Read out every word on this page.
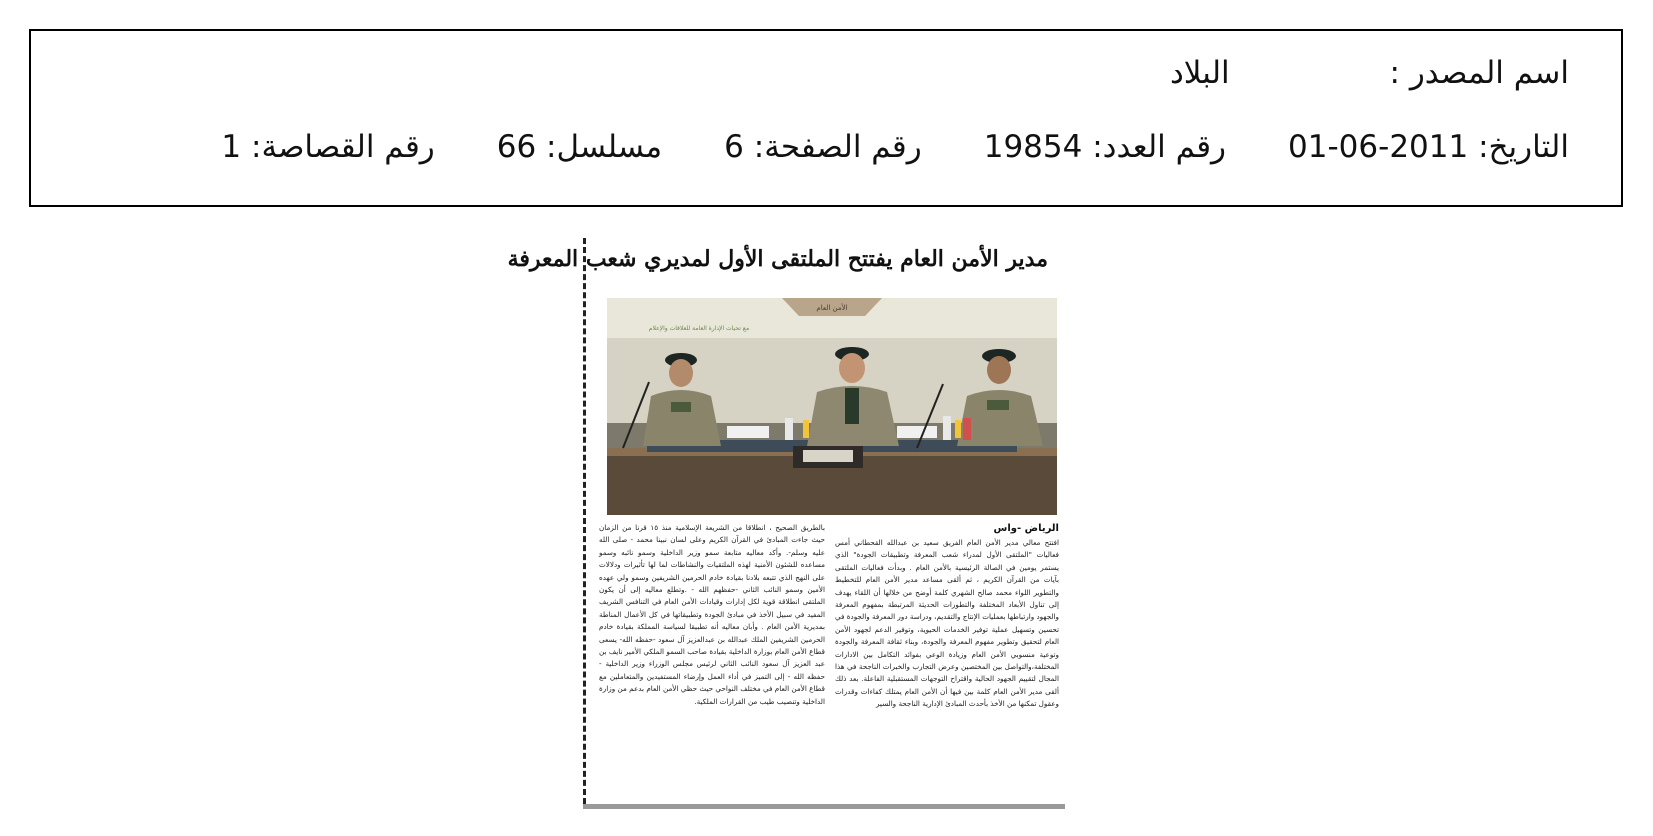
اسم المصدر : البلاد
التاريخ: 2011-06-01رقم العدد: 19854رقم الصفحة: 6مسلسل: 66رقم القصاصة: 1
مدير الأمن العام يفتتح الملتقى الأول لمديري شعب المعرفة
الأمن العام
مع تحيات الإدارة العامة للعلاقات والإعلام
الرياض -واس
افتتح معالي مدير الأمن العام الفريق سعيد بن عبدالله القحطاني أمس فعاليات "الملتقى الأول لمدراء شعب المعرفة وتطبيقات الجودة" الذي يستمر يومين في الصالة الرئيسية بالأمن العام . وبدأت فعاليات الملتقى بآيات من القرآن الكريم ، ثم ألقى مساعد مدير الأمن العام للتخطيط والتطوير اللواء محمد صالح الشهري كلمة أوضح من خلالها أن اللقاء يهدف إلى تناول الأبعاد المختلفة والتطورات الحديثة المرتبطة بمفهوم المعرفة والجهود وارتباطها بعمليات الإنتاج والتقديم، ودراسة دور المعرفة والجودة في تحسين وتسهيل عملية توفير الخدمات الحيوية، وتوفير الدعم لجهود الأمن العام لتحقيق وتطوير مفهوم المعرفة والجودة، وبناء ثقافة المعرفة والجودة وتوعية منسوبي الأمن العام وزيادة الوعي بفوائد التكامل بين الادارات المختلفة،والتواصل بين المختصين وعرض التجارب والخبرات الناجحة في هذا المجال لتقييم الجهود الحالية واقتراح التوجهات المستقبلية الفاعلة. بعد ذلك ألقى مدير الأمن العام كلمة بين فيها أن الأمن العام يمتلك كفاءات وقدرات وعقول تمكنها من الأخذ بأحدث المبادئ الإدارية الناجحة والسير
بالطريق الصحيح ، انطلاقا من الشريعة الإسلامية منذ ١٥ قرنا من الزمان حيث جاءت المبادئ في القرآن الكريم وعلى لسان نبينا محمد - صلى الله عليه وسلم-. وأكد معاليه متابعة سمو وزير الداخلية وسمو نائبه وسمو مساعده للشئون الأمنية لهذه الملتقيات والنشاطات لما لها تأثيرات ودلالات على النهج الذي تتبعه بلادنا بقيادة خادم الحرمين الشريفين وسمو ولي عهده الأمين وسمو النائب الثاني -حفظهم الله - .وتطلع معاليه إلى أن يكون الملتقى انطلاقة قوية لكل إدارات وقيادات الأمن العام في التنافس الشريف المفيد في سبيل الأخذ في مبادئ الجودة وتطبيقاتها في كل الأعمال المناطة بمديرية الأمن العام . وأبان معاليه أنه تطبيقا لسياسة المملكة بقيادة خادم الحرمين الشريفين الملك عبدالله بن عبدالعزيز آل سعود -حفظه الله- يسعى قطاع الأمن العام بوزارة الداخلية بقيادة صاحب السمو الملكي الأمير نايف بن عبد العزيز آل سعود النائب الثاني لرئيس مجلس الوزراء وزير الداخلية - حفظه الله - إلى التميز في أداء العمل وإرضاء المستفيدين والمتعاملين مع قطاع الأمن العام في مختلف النواحي حيث حظي الأمن العام بدعم من وزارة الداخلية وتنصيب طيب من القرارات الملكية.
